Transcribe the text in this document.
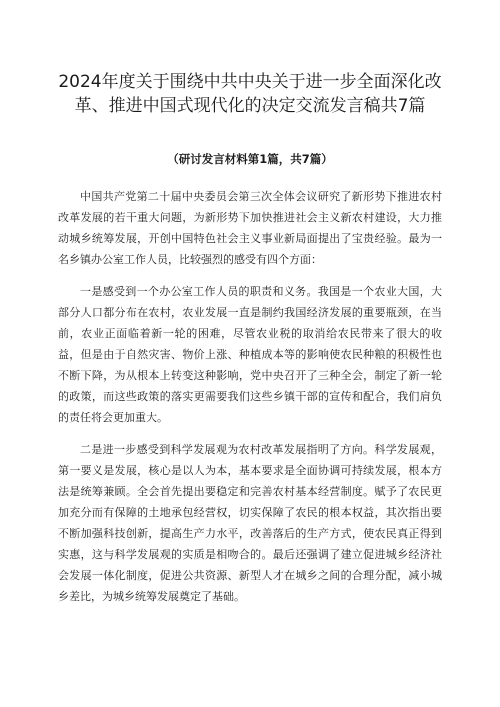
2024年度关于围绕中共中央关于进一步全面深化改
革、推进中国式现代化的决定交流发言稿共7篇
（研讨发言材料第1篇，共7篇）

中国共产党第二十届中央委员会第三次全体会议研究了新形势下推进农村改革发展的若干重大问题，为新形势下加快推进社会主义新农村建设，大力推动城乡统筹发展，开创中国特色社会主义事业新局面提出了宝贵经验。最为一名乡镇办公室工作人员，比较强烈的感受有四个方面：

一是感受到一个办公室工作人员的职责和义务。我国是一个农业大国，大部分人口都分布在农村，农业发展一直是制约我国经济发展的重要瓶颈，在当前，农业正面临着新一轮的困难，尽管农业税的取消给农民带来了很大的收益，但是由于自然灾害、物价上涨、种植成本等的影响使农民种粮的积极性也不断下降，为从根本上转变这种影响，党中央召开了三种全会，制定了新一轮的政策，而这些政策的落实更需要我们这些乡镇干部的宣传和配合，我们肩负的责任将会更加重大。

二是进一步感受到科学发展观为农村改革发展指明了方向。科学发展观，第一要义是发展，核心是以人为本，基本要求是全面协调可持续发展，根本方法是统筹兼顾。全会首先提出要稳定和完善农村基本经营制度。赋予了农民更加充分而有保障的土地承包经营权，切实保障了农民的根本权益，其次指出要不断加强科技创新，提高生产力水平，改善落后的生产方式，使农民真正得到实惠，这与科学发展观的实质是相吻合的。最后还强调了建立促进城乡经济社会发展一体化制度，促进公共资源、新型人才在城乡之间的合理分配，减小城乡差比，为城乡统筹发展奠定了基础。
